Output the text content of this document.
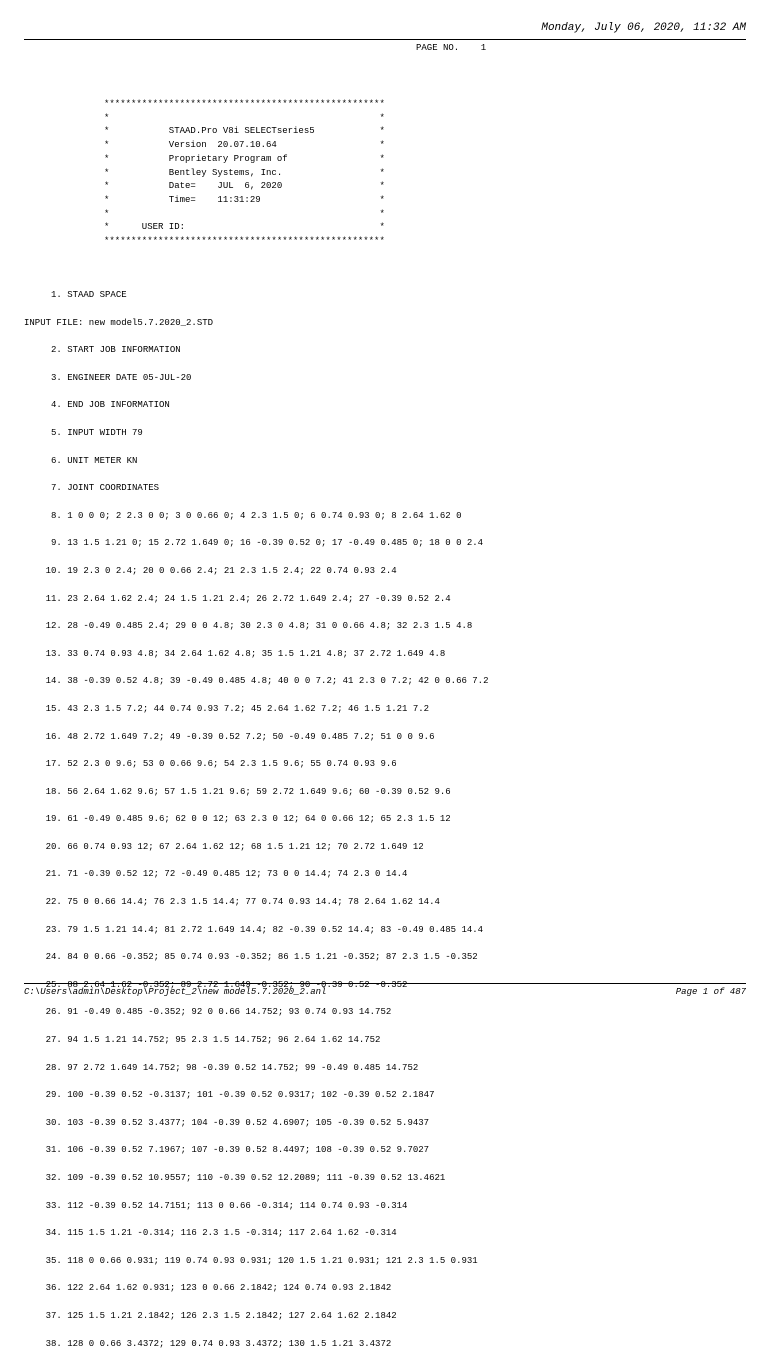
Monday, July 06, 2020, 11:32 AM
PAGE NO.    1
****************************************************
*                                                  *
*           STAAD.Pro V8i SELECTseries5            *
*           Version  20.07.10.64                   *
*           Proprietary Program of                 *
*           Bentley Systems, Inc.                  *
*           Date=    JUL  6, 2020                  *
*           Time=    11:31:29                      *
*                                                  *
*      USER ID:                                    *
****************************************************

1. STAAD SPACE

INPUT FILE: new model5.7.2020_2.STD

2. START JOB INFORMATION

3. ENGINEER DATE 05-JUL-20

4. END JOB INFORMATION

5. INPUT WIDTH 79

6. UNIT METER KN

7. JOINT COORDINATES

8. 1 0 0 0; 2 2.3 0 0; 3 0 0.66 0; 4 2.3 1.5 0; 6 0.74 0.93 0; 8 2.64 1.62 0

9. 13 1.5 1.21 0; 15 2.72 1.649 0; 16 -0.39 0.52 0; 17 -0.49 0.485 0; 18 0 0 2.4

10. 19 2.3 0 2.4; 20 0 0.66 2.4; 21 2.3 1.5 2.4; 22 0.74 0.93 2.4

11. 23 2.64 1.62 2.4; 24 1.5 1.21 2.4; 26 2.72 1.649 2.4; 27 -0.39 0.52 2.4

12. 28 -0.49 0.485 2.4; 29 0 0 4.8; 30 2.3 0 4.8; 31 0 0.66 4.8; 32 2.3 1.5 4.8

13. 33 0.74 0.93 4.8; 34 2.64 1.62 4.8; 35 1.5 1.21 4.8; 37 2.72 1.649 4.8

14. 38 -0.39 0.52 4.8; 39 -0.49 0.485 4.8; 40 0 0 7.2; 41 2.3 0 7.2; 42 0 0.66 7.2

15. 43 2.3 1.5 7.2; 44 0.74 0.93 7.2; 45 2.64 1.62 7.2; 46 1.5 1.21 7.2

16. 48 2.72 1.649 7.2; 49 -0.39 0.52 7.2; 50 -0.49 0.485 7.2; 51 0 0 9.6

17. 52 2.3 0 9.6; 53 0 0.66 9.6; 54 2.3 1.5 9.6; 55 0.74 0.93 9.6

18. 56 2.64 1.62 9.6; 57 1.5 1.21 9.6; 59 2.72 1.649 9.6; 60 -0.39 0.52 9.6

19. 61 -0.49 0.485 9.6; 62 0 0 12; 63 2.3 0 12; 64 0 0.66 12; 65 2.3 1.5 12

20. 66 0.74 0.93 12; 67 2.64 1.62 12; 68 1.5 1.21 12; 70 2.72 1.649 12

21. 71 -0.39 0.52 12; 72 -0.49 0.485 12; 73 0 0 14.4; 74 2.3 0 14.4

22. 75 0 0.66 14.4; 76 2.3 1.5 14.4; 77 0.74 0.93 14.4; 78 2.64 1.62 14.4

23. 79 1.5 1.21 14.4; 81 2.72 1.649 14.4; 82 -0.39 0.52 14.4; 83 -0.49 0.485 14.4

24. 84 0 0.66 -0.352; 85 0.74 0.93 -0.352; 86 1.5 1.21 -0.352; 87 2.3 1.5 -0.352

25. 88 2.64 1.62 -0.352; 89 2.72 1.649 -0.352; 90 -0.39 0.52 -0.352

26. 91 -0.49 0.485 -0.352; 92 0 0.66 14.752; 93 0.74 0.93 14.752

27. 94 1.5 1.21 14.752; 95 2.3 1.5 14.752; 96 2.64 1.62 14.752

28. 97 2.72 1.649 14.752; 98 -0.39 0.52 14.752; 99 -0.49 0.485 14.752

29. 100 -0.39 0.52 -0.3137; 101 -0.39 0.52 0.9317; 102 -0.39 0.52 2.1847

30. 103 -0.39 0.52 3.4377; 104 -0.39 0.52 4.6907; 105 -0.39 0.52 5.9437

31. 106 -0.39 0.52 7.1967; 107 -0.39 0.52 8.4497; 108 -0.39 0.52 9.7027

32. 109 -0.39 0.52 10.9557; 110 -0.39 0.52 12.2089; 111 -0.39 0.52 13.4621

33. 112 -0.39 0.52 14.7151; 113 0 0.66 -0.314; 114 0.74 0.93 -0.314

34. 115 1.5 1.21 -0.314; 116 2.3 1.5 -0.314; 117 2.64 1.62 -0.314

35. 118 0 0.66 0.931; 119 0.74 0.93 0.931; 120 1.5 1.21 0.931; 121 2.3 1.5 0.931

36. 122 2.64 1.62 0.931; 123 0 0.66 2.1842; 124 0.74 0.93 2.1842

37. 125 1.5 1.21 2.1842; 126 2.3 1.5 2.1842; 127 2.64 1.62 2.1842

38. 128 0 0.66 3.4372; 129 0.74 0.93 3.4372; 130 1.5 1.21 3.4372

C:\Users\admin\Desktop\Project_2\new model5.7.2020_2.anl	Page 1 of 487
